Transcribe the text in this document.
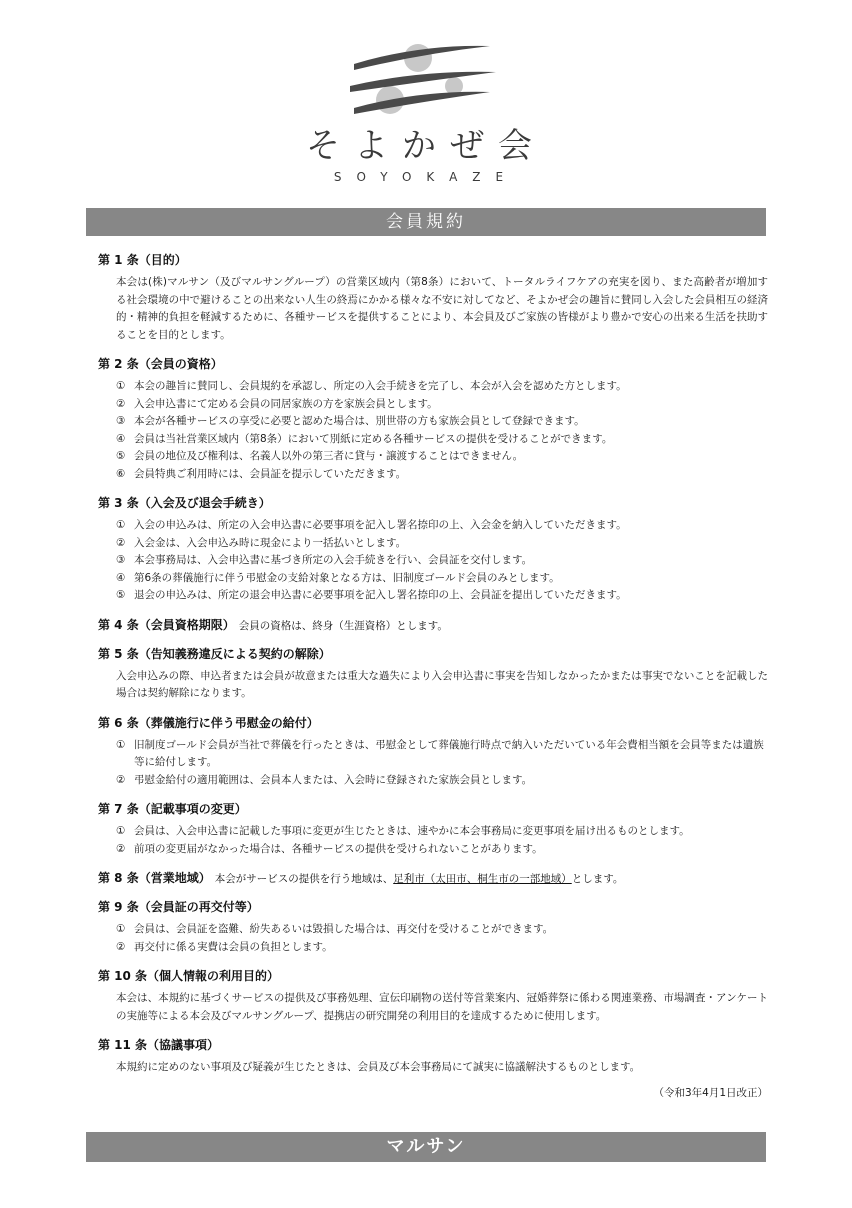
そよかぜ会
SOYOKAZE
会員規約
第 1 条（目的）
本会は(株)マルサン（及びマルサングループ）の営業区域内（第8条）において、トータルライフケアの充実を図り、また高齢者が増加する社会環境の中で避けることの出来ない人生の終焉にかかる様々な不安に対してなど、そよかぜ会の趣旨に賛同し入会した会員相互の経済的・精神的負担を軽減するために、各種サービスを提供することにより、本会員及びご家族の皆様がより豊かで安心の出来る生活を扶助することを目的とします。
第 2 条（会員の資格）
① 本会の趣旨に賛同し、会員規約を承認し、所定の入会手続きを完了し、本会が入会を認めた方とします。
② 入会申込書にて定める会員の同居家族の方を家族会員とします。
③ 本会が各種サービスの享受に必要と認めた場合は、別世帯の方も家族会員として登録できます。
④ 会員は当社営業区域内（第8条）において別紙に定める各種サービスの提供を受けることができます。
⑤ 会員の地位及び権利は、名義人以外の第三者に貸与・譲渡することはできません。
⑥ 会員特典ご利用時には、会員証を提示していただきます。
第 3 条（入会及び退会手続き）
① 入会の申込みは、所定の入会申込書に必要事項を記入し署名捺印の上、入会金を納入していただきます。
② 入会金は、入会申込み時に現金により一括払いとします。
③ 本会事務局は、入会申込書に基づき所定の入会手続きを行い、会員証を交付します。
④ 第6条の葬儀施行に伴う弔慰金の支給対象となる方は、旧制度ゴールド会員のみとします。
⑤ 退会の申込みは、所定の退会申込書に必要事項を記入し署名捺印の上、会員証を提出していただきます。
第 4 条（会員資格期限） 会員の資格は、終身（生涯資格）とします。
第 5 条（告知義務違反による契約の解除）
入会申込みの際、申込者または会員が故意または重大な過失により入会申込書に事実を告知しなかったかまたは事実でないことを記載した場合は契約解除になります。
第 6 条（葬儀施行に伴う弔慰金の給付）
① 旧制度ゴールド会員が当社で葬儀を行ったときは、弔慰金として葬儀施行時点で納入いただいている年会費相当額を会員等または遺族等に給付します。
② 弔慰金給付の適用範囲は、会員本人または、入会時に登録された家族会員とします。
第 7 条（記載事項の変更）
① 会員は、入会申込書に記載した事項に変更が生じたときは、速やかに本会事務局に変更事項を届け出るものとします。
② 前項の変更届がなかった場合は、各種サービスの提供を受けられないことがあります。
第 8 条（営業地域） 本会がサービスの提供を行う地域は、足利市（太田市、桐生市の一部地域）とします。
第 9 条（会員証の再交付等）
① 会員は、会員証を盗難、紛失あるいは毀損した場合は、再交付を受けることができます。
② 再交付に係る実費は会員の負担とします。
第 10 条（個人情報の利用目的）
本会は、本規約に基づくサービスの提供及び事務処理、宣伝印刷物の送付等営業案内、冠婚葬祭に係わる関連業務、市場調査・アンケートの実施等による本会及びマルサングループ、提携店の研究開発の利用目的を達成するために使用します。
第 11 条（協議事項）
本規約に定めのない事項及び疑義が生じたときは、会員及び本会事務局にて誠実に協議解決するものとします。
（令和3年4月1日改正）
マルサン
